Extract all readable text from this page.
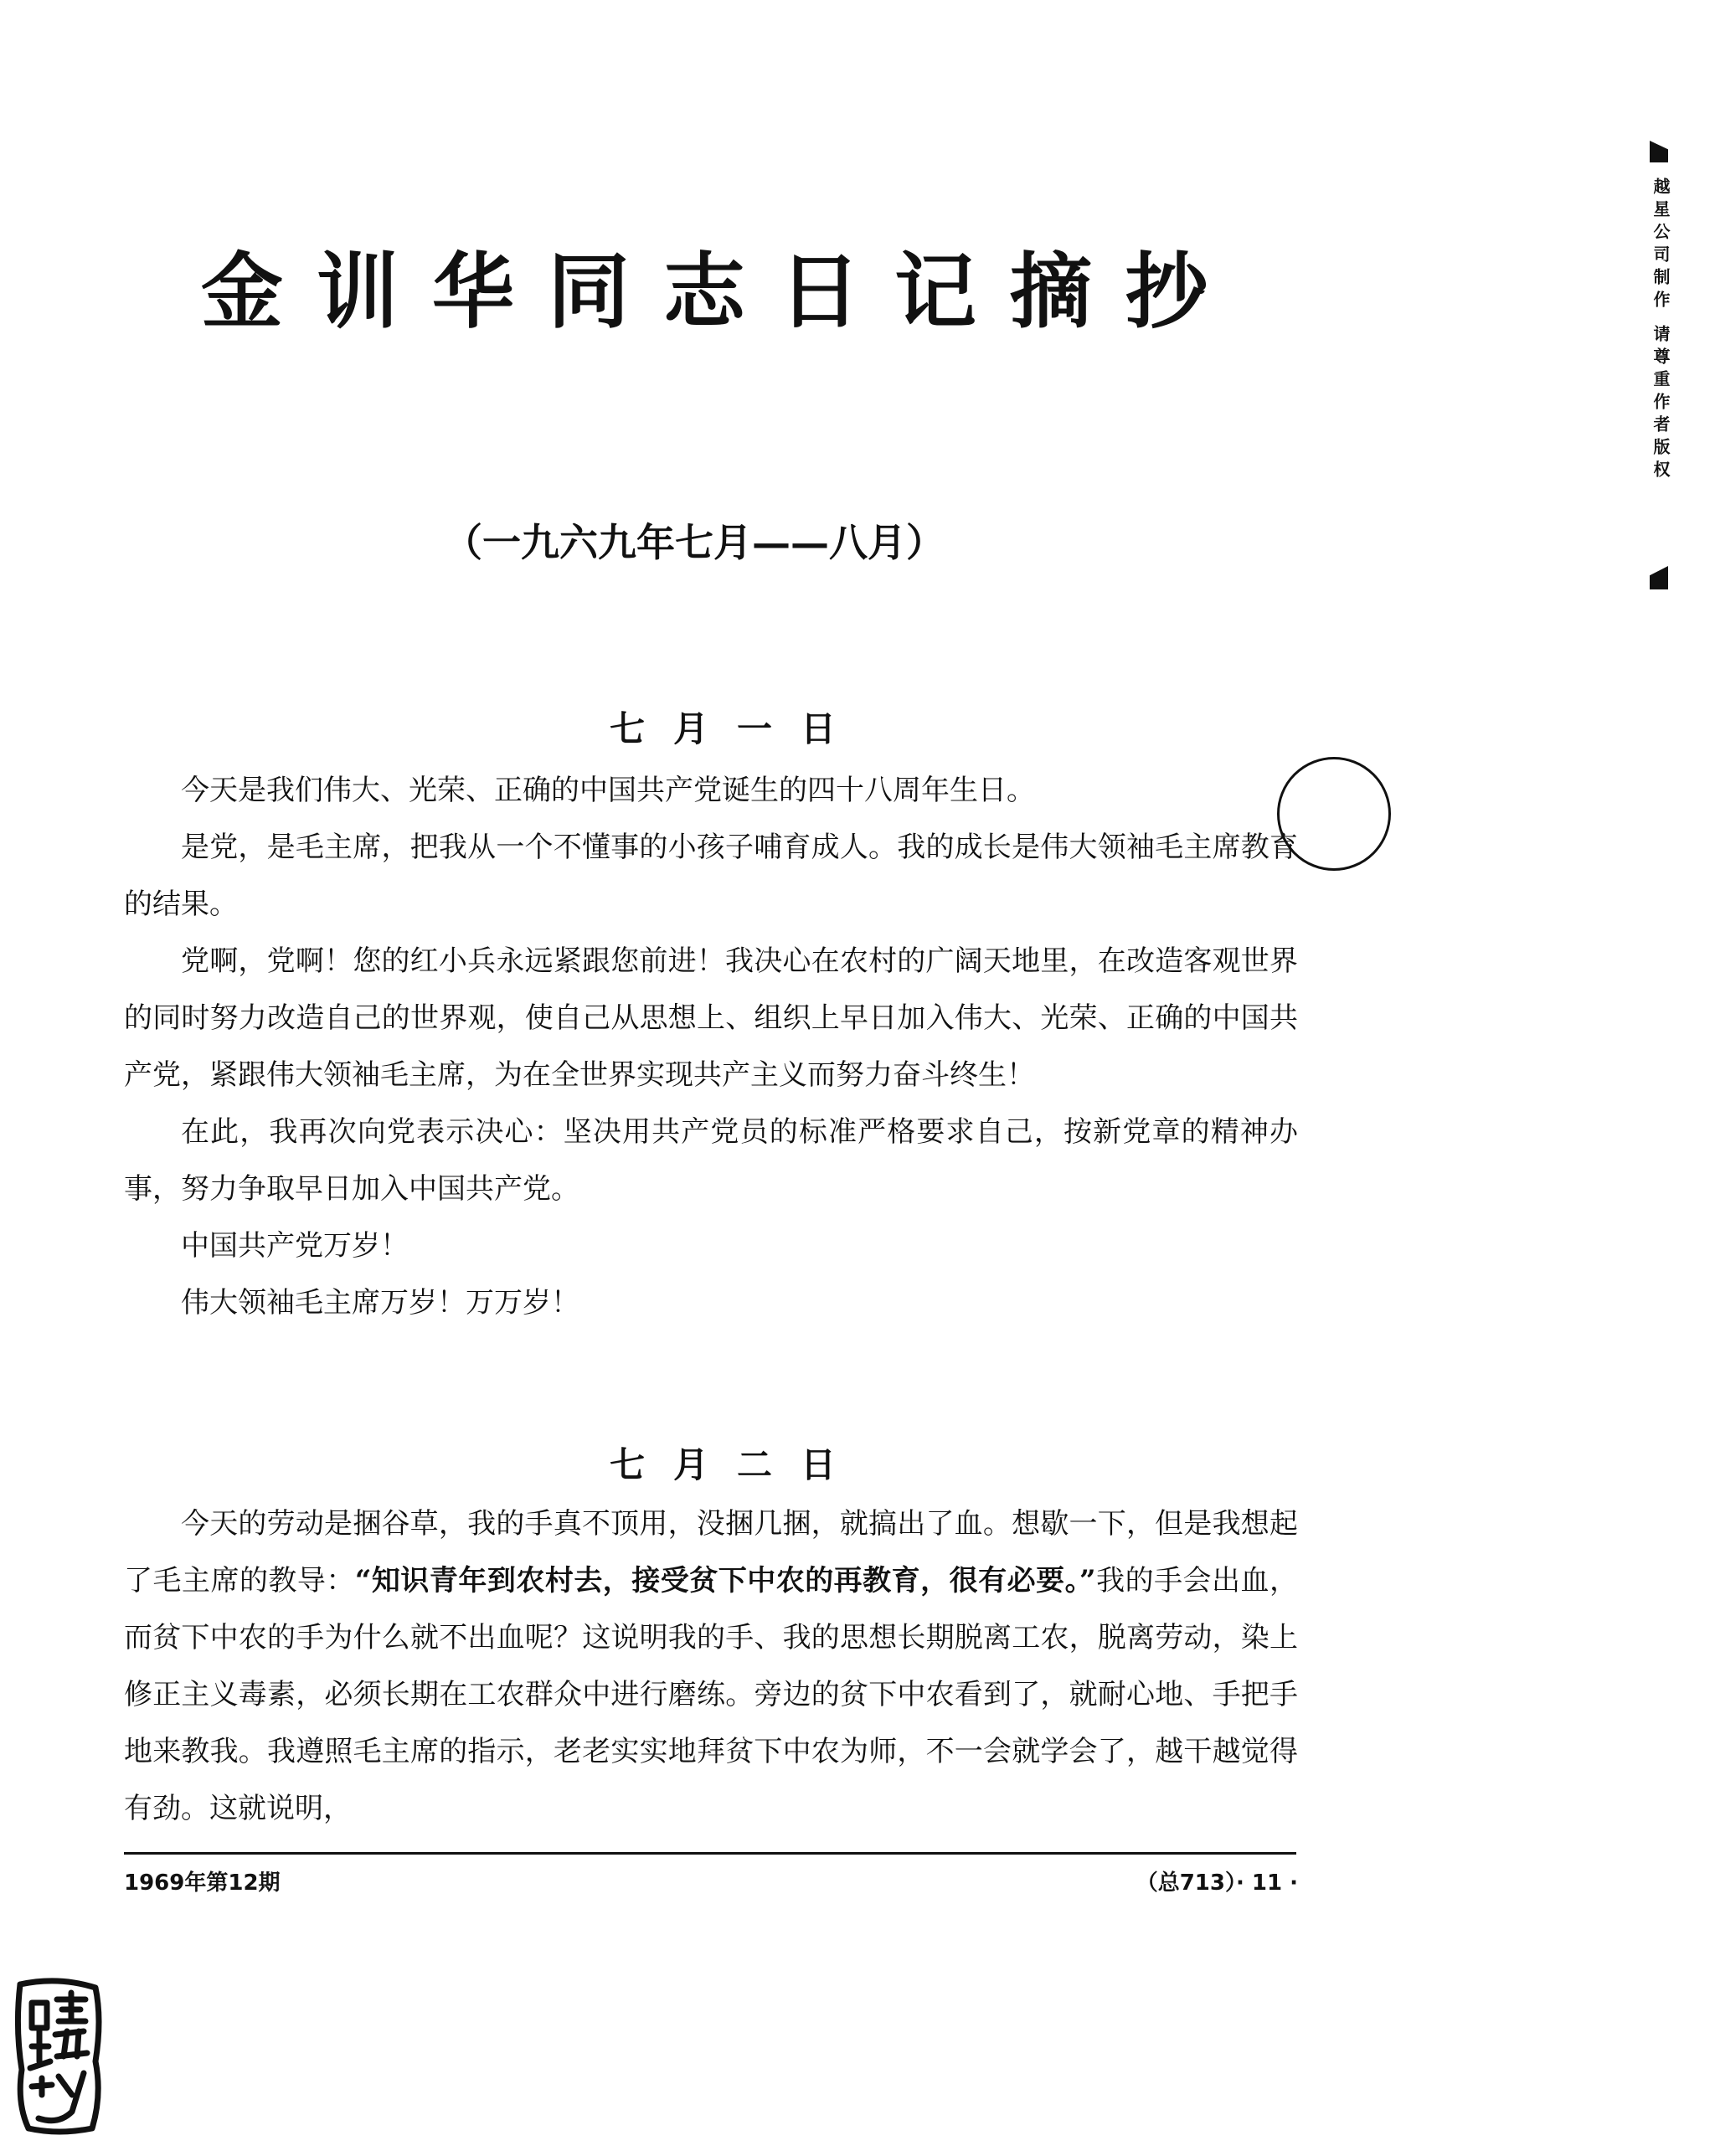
金训华同志日记摘抄
（一九六九年七月——八月）
越星公司制作 请尊重作者版权
七月一日

今天是我们伟大、光荣、正确的中国共产党诞生的四十八周年生日。

是党，是毛主席，把我从一个不懂事的小孩子哺育成人。我的成长是伟大领袖毛主席教育的结果。

党啊，党啊！您的红小兵永远紧跟您前进！我决心在农村的广阔天地里，在改造客观世界的同时努力改造自己的世界观，使自己从思想上、组织上早日加入伟大、光荣、正确的中国共产党，紧跟伟大领袖毛主席，为在全世界实现共产主义而努力奋斗终生！

在此，我再次向党表示决心：坚决用共产党员的标准严格要求自己，按新党章的精神办事，努力争取早日加入中国共产党。

中国共产党万岁！

伟大领袖毛主席万岁！万万岁！

七月二日

今天的劳动是捆谷草，我的手真不顶用，没捆几捆，就搞出了血。想歇一下，但是我想起了毛主席的教导：“知识青年到农村去，接受贫下中农的再教育，很有必要。”我的手会出血，而贫下中农的手为什么就不出血呢？这说明我的手、我的思想长期脱离工农，脱离劳动，染上修正主义毒素，必须长期在工农群众中进行磨练。旁边的贫下中农看到了，就耐心地、手把手地来教我。我遵照毛主席的指示，老老实实地拜贫下中农为师，不一会就学会了，越干越觉得有劲。这就说明，

1969年第12期	（总713）· 11 ·
